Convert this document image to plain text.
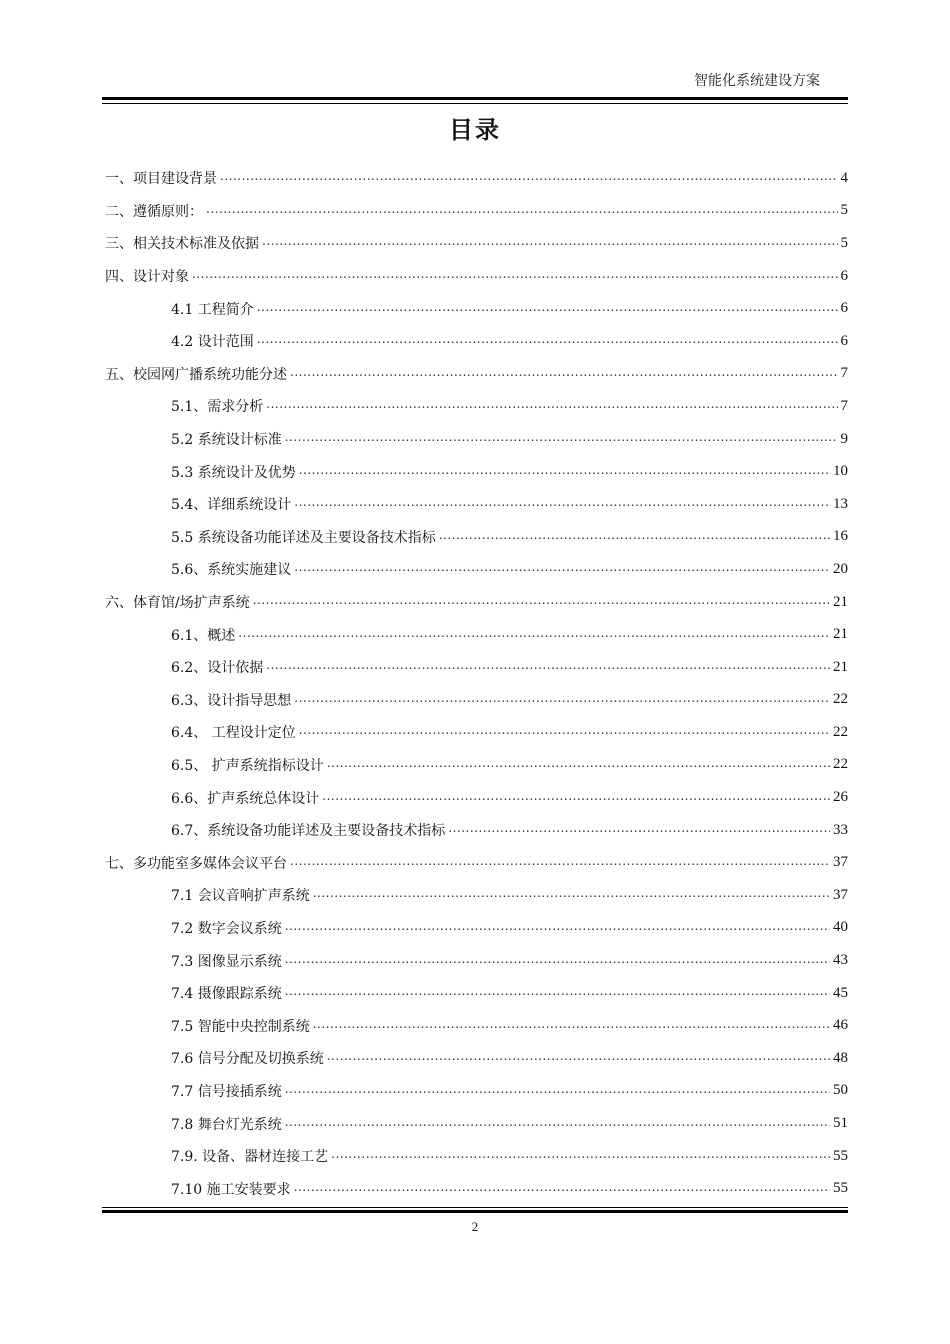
智能化系统建设方案
目录
一、项目建设背景 .....	4
二、遵循原则： .....	5
三、相关技术标准及依据 .....	5
四、设计对象 .....	6
4.1 工程简介 .....	6
4.2 设计范围 .....	6
五、校园网广播系统功能分述 .....	7
5.1、需求分析 .....	7
5.2 系统设计标准 .....	9
5.3 系统设计及优势 .....	10
5.4、详细系统设计 .....	13
5.5 系统设备功能详述及主要设备技术指标 .....	16
5.6、系统实施建议 .....	20
六、体育馆/场扩声系统 .....	21
6.1、概述 .....	21
6.2、设计依据 .....	21
6.3、设计指导思想 .....	22
6.4、 工程设计定位 .....	22
6.5、 扩声系统指标设计 .....	22
6.6、扩声系统总体设计 .....	26
6.7、系统设备功能详述及主要设备技术指标 .....	33
七、多功能室多媒体会议平台 .....	37
7.1 会议音响扩声系统 .....	37
7.2 数字会议系统 .....	40
7.3 图像显示系统 .....	43
7.4 摄像跟踪系统 .....	45
7.5 智能中央控制系统 .....	46
7.6 信号分配及切换系统 .....	48
7.7 信号接插系统 .....	50
7.8 舞台灯光系统 .....	51
7.9. 设备、器材连接工艺 .....	55
7.10 施工安装要求 .....	55
2
